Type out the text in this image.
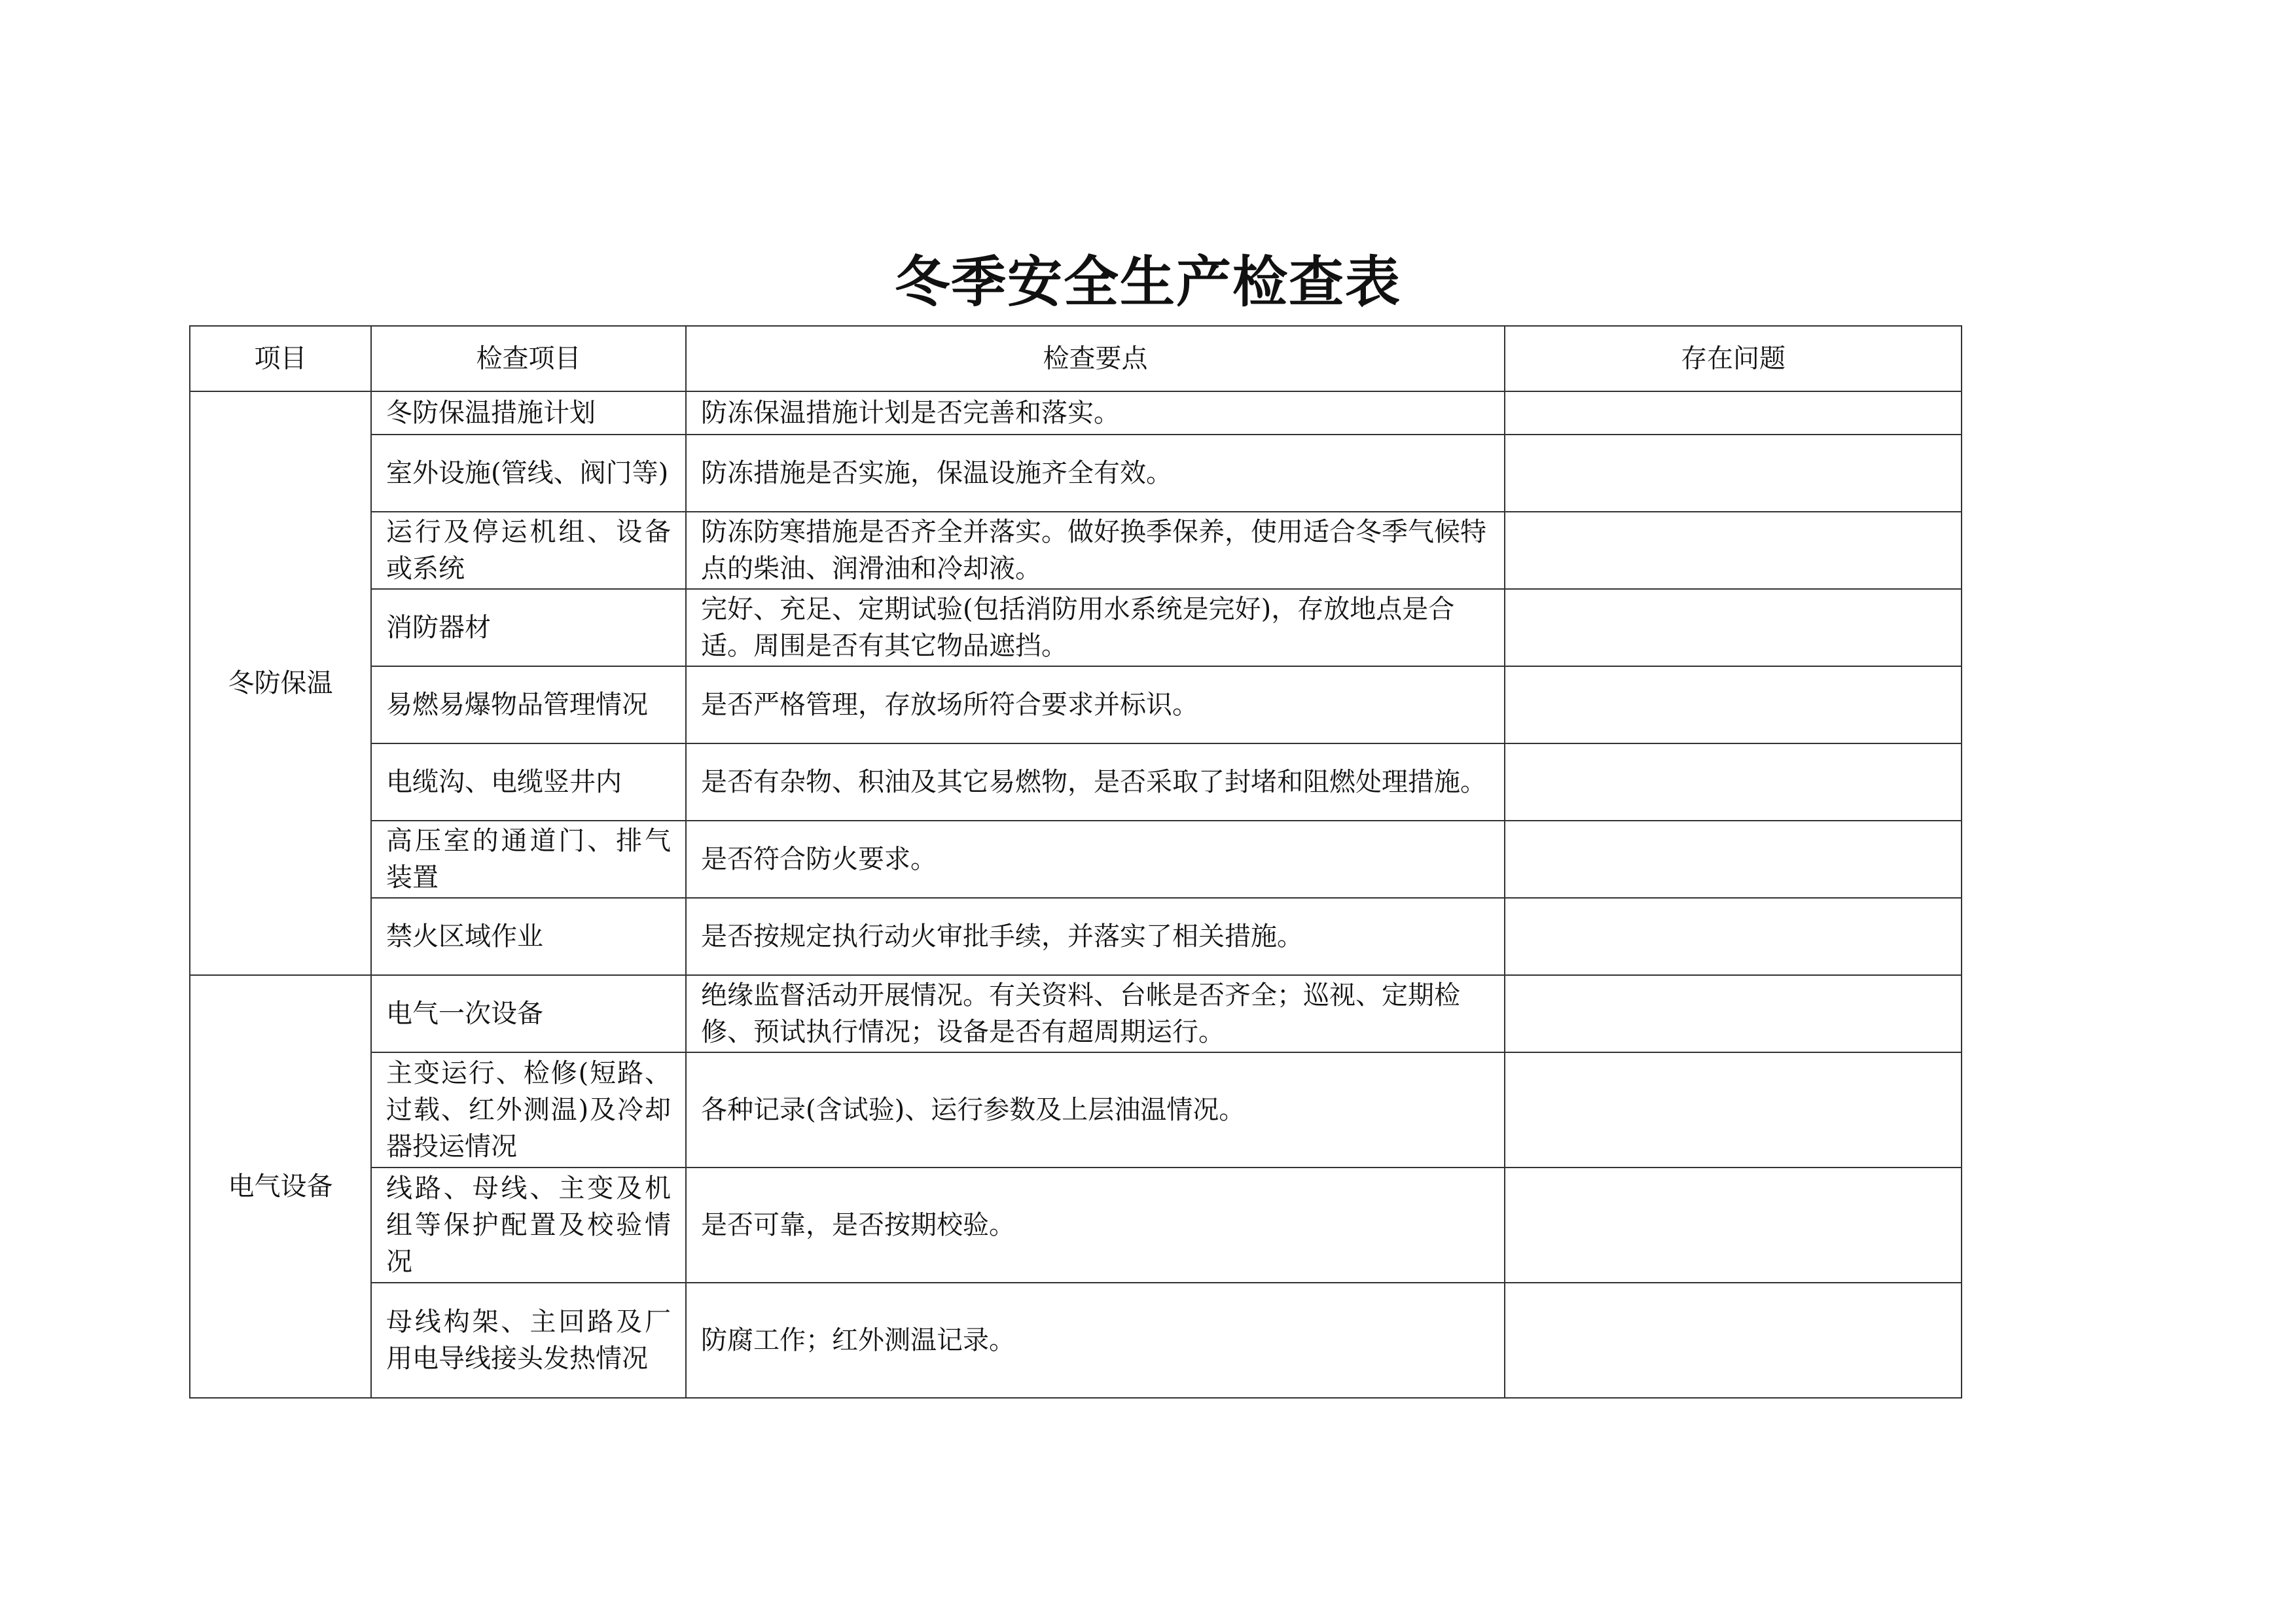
冬季安全生产检查表
项目	检查项目	检查要点	存在问题
冬防保温	冬防保温措施计划	防冻保温措施计划是否完善和落实。	
	室外设施(管线、阀门等)	防冻措施是否实施，保温设施齐全有效。	
	运行及停运机组、设备或系统	防冻防寒措施是否齐全并落实。做好换季保养，使用适合冬季气候特点的柴油、润滑油和冷却液。	
	消防器材	完好、充足、定期试验(包括消防用水系统是完好)，存放地点是合适。周围是否有其它物品遮挡。	
	易燃易爆物品管理情况	是否严格管理，存放场所符合要求并标识。	
	电缆沟、电缆竖井内	是否有杂物、积油及其它易燃物，是否采取了封堵和阻燃处理措施。	
	高压室的通道门、排气装置	是否符合防火要求。	
	禁火区域作业	是否按规定执行动火审批手续，并落实了相关措施。	
电气设备	电气一次设备	绝缘监督活动开展情况。有关资料、台帐是否齐全；巡视、定期检修、预试执行情况；设备是否有超周期运行。	
	主变运行、检修(短路、过载、红外测温)及冷却器投运情况	各种记录(含试验)、运行参数及上层油温情况。	
	线路、母线、主变及机组等保护配置及校验情况	是否可靠，是否按期校验。	
	母线构架、主回路及厂用电导线接头发热情况	防腐工作；红外测温记录。	
